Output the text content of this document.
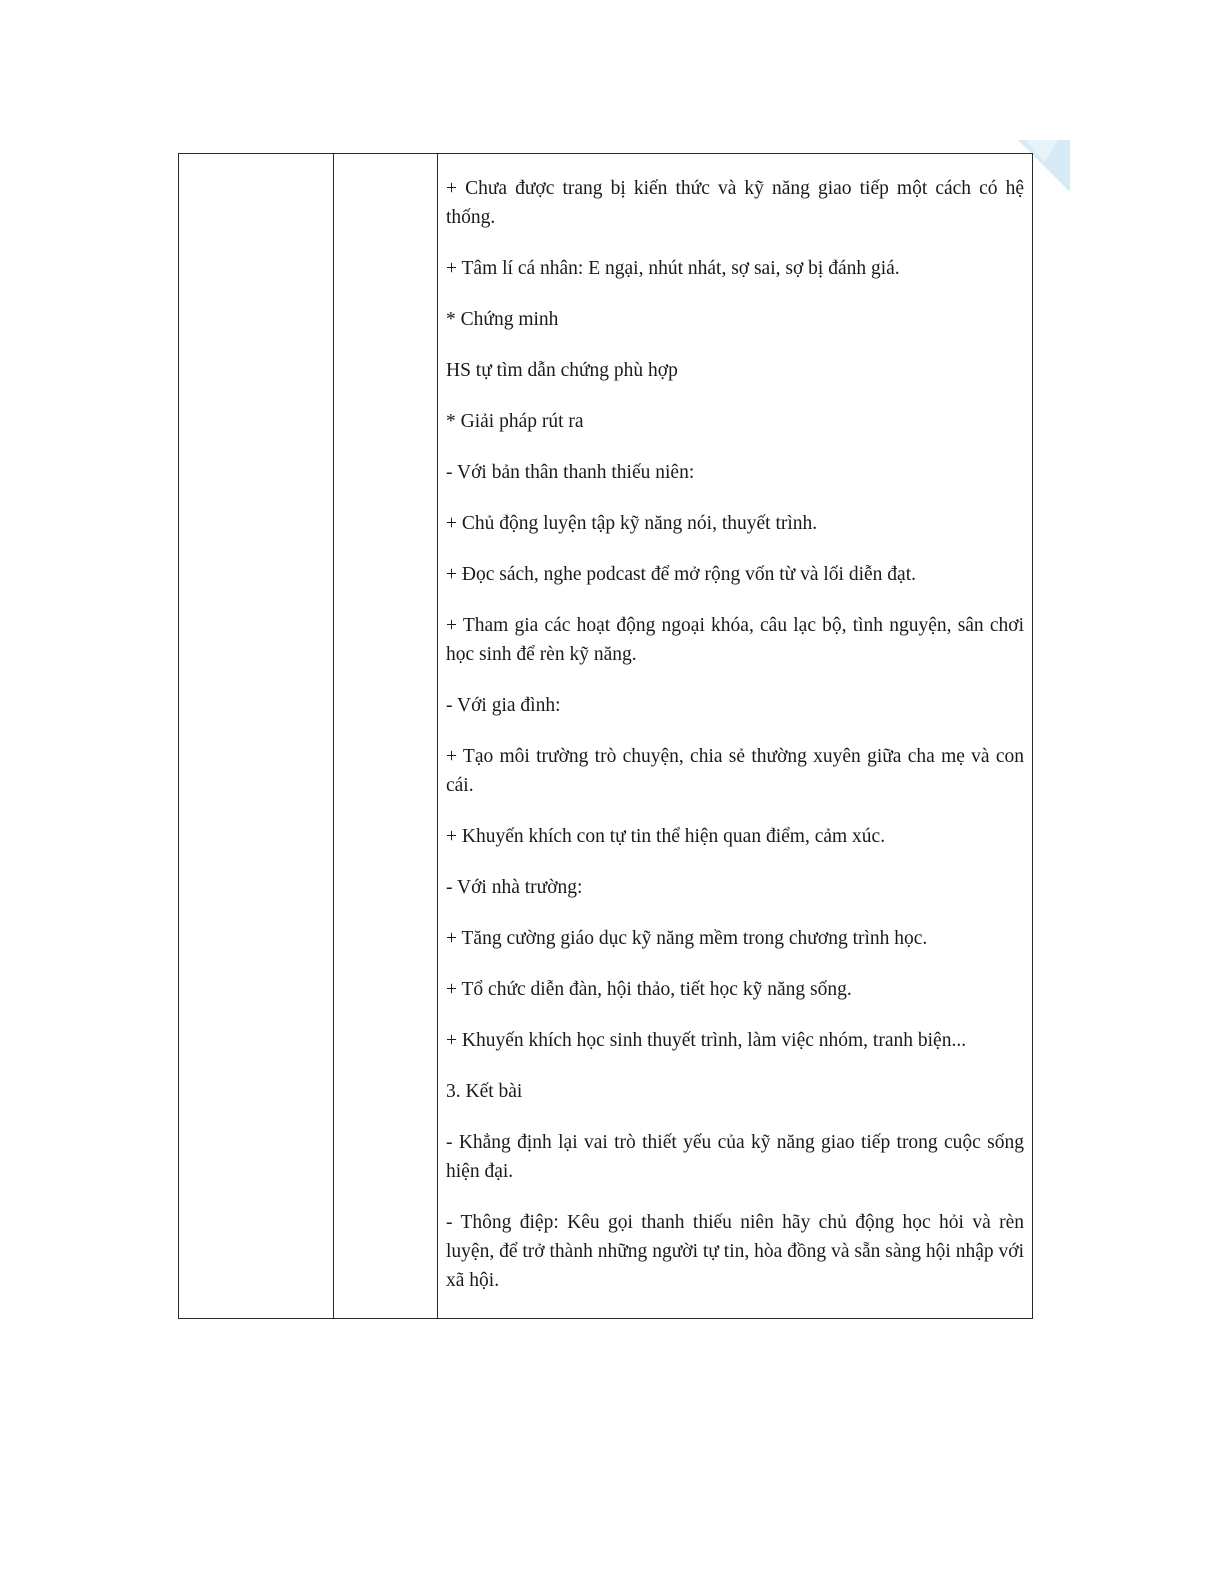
+ Chưa được trang bị kiến thức và kỹ năng giao tiếp một cách có hệ thống.

+ Tâm lí cá nhân: E ngại, nhút nhát, sợ sai, sợ bị đánh giá.

* Chứng minh

HS tự tìm dẫn chứng phù hợp

* Giải pháp rút ra

- Với bản thân thanh thiếu niên:

+ Chủ động luyện tập kỹ năng nói, thuyết trình.

+ Đọc sách, nghe podcast để mở rộng vốn từ và lối diễn đạt.

+ Tham gia các hoạt động ngoại khóa, câu lạc bộ, tình nguyện, sân chơi học sinh để rèn kỹ năng.

- Với gia đình:

+ Tạo môi trường trò chuyện, chia sẻ thường xuyên giữa cha mẹ và con cái.

+ Khuyến khích con tự tin thể hiện quan điểm, cảm xúc.

- Với nhà trường:

+ Tăng cường giáo dục kỹ năng mềm trong chương trình học.

+ Tổ chức diễn đàn, hội thảo, tiết học kỹ năng sống.

+ Khuyến khích học sinh thuyết trình, làm việc nhóm, tranh biện...

3. Kết bài

- Khẳng định lại vai trò thiết yếu của kỹ năng giao tiếp trong cuộc sống hiện đại.

- Thông điệp: Kêu gọi thanh thiếu niên hãy chủ động học hỏi và rèn luyện, để trở thành những người tự tin, hòa đồng và sẵn sàng hội nhập với xã hội.
